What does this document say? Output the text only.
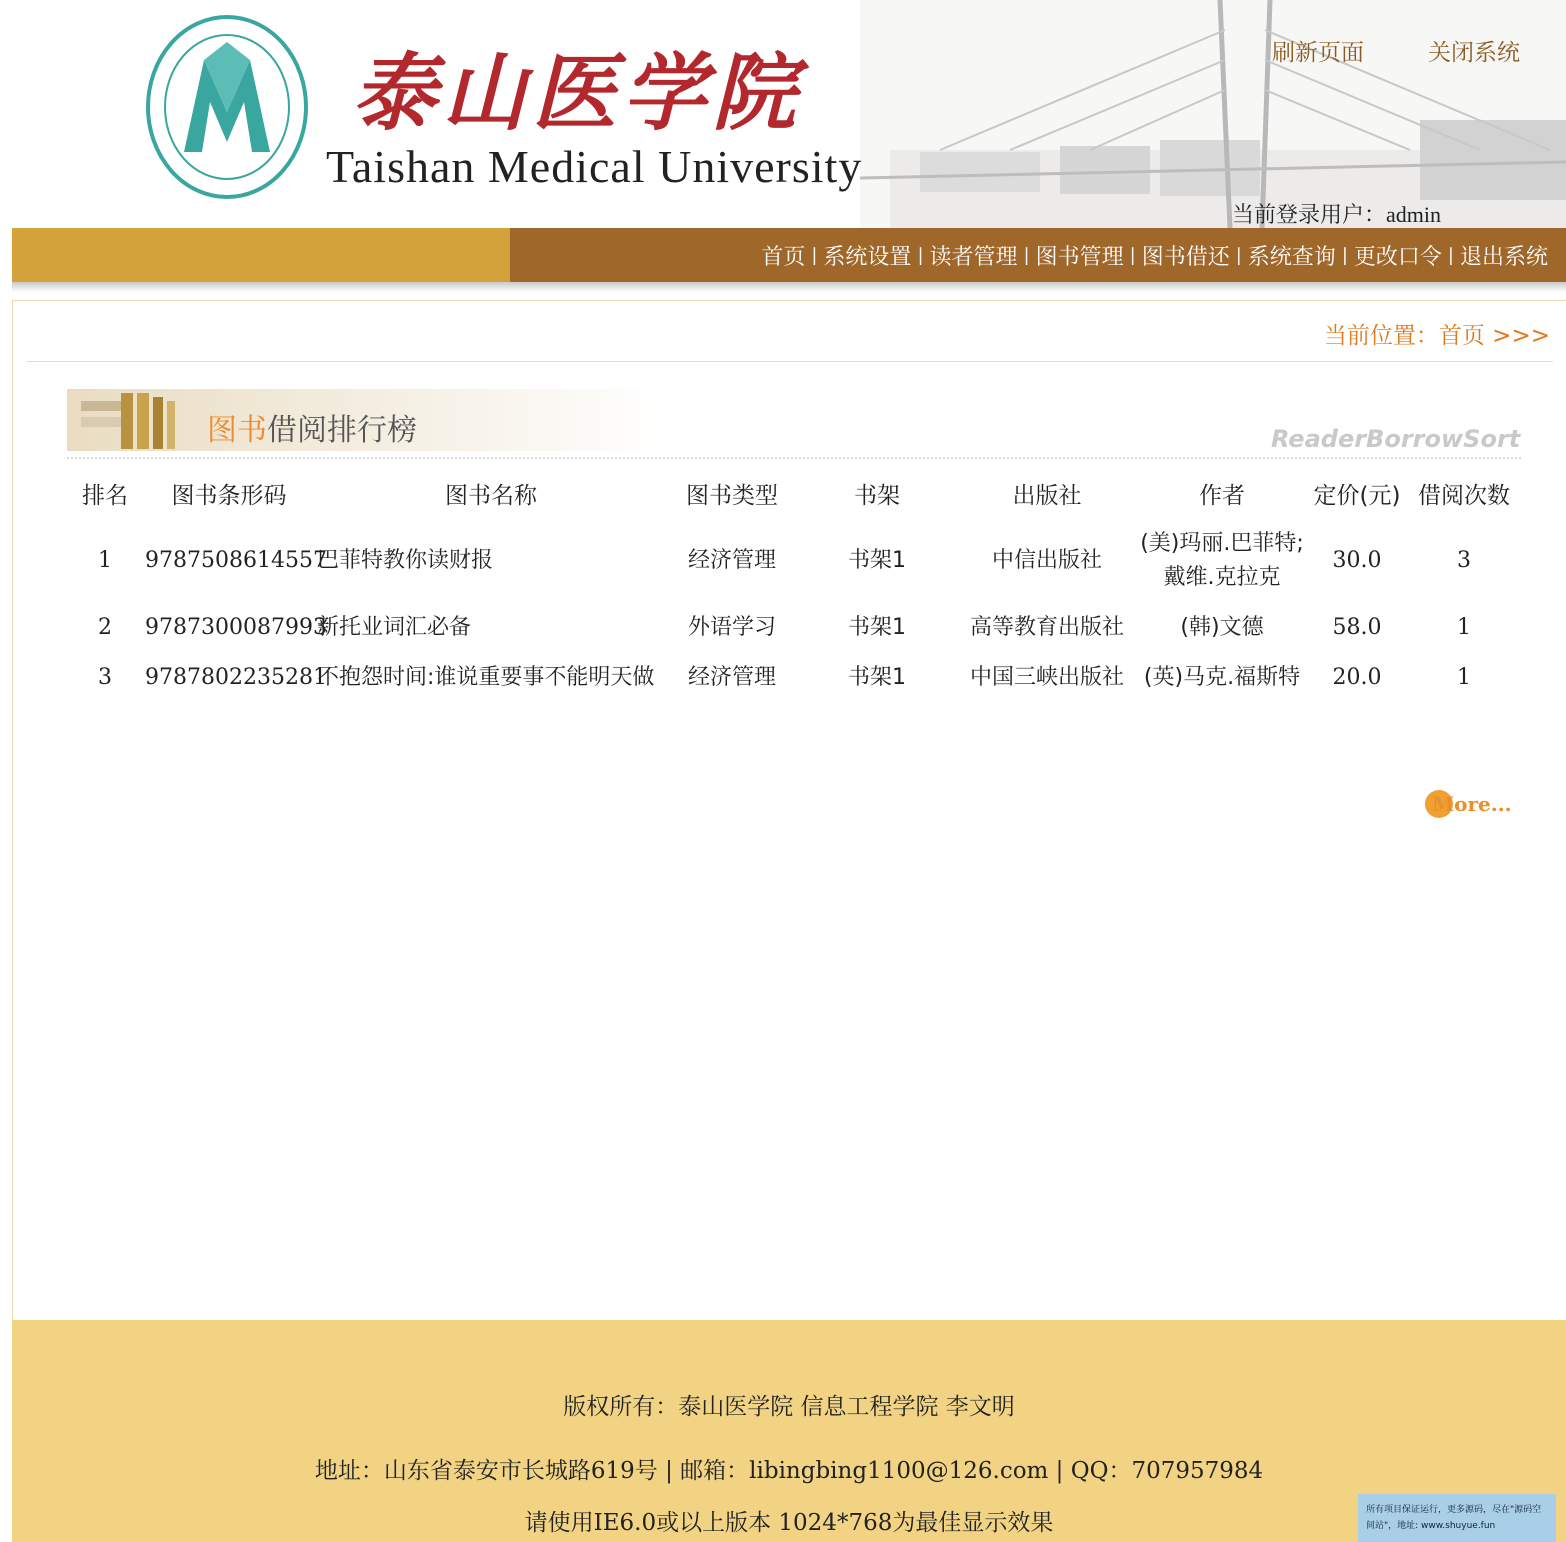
泰山医学院
Taishan Medical University
刷新页面	关闭系统
当前登录用户：admin
首页 | 系统设置 | 读者管理 | 图书管理 | 图书借还 | 系统查询 | 更改口令 | 退出系统
当前位置：首页 >>>
图书借阅排行榜	ReaderBorrowSort
排名	图书条形码	图书名称	图书类型	书架	出版社	作者	定价(元)	借阅次数
1	9787508614557	巴菲特教你读财报	经济管理	书架1	中信出版社	(美)玛丽.巴菲特;戴维.克拉克	30.0	3
2	9787300087993	新托业词汇必备	外语学习	书架1	高等教育出版社	(韩)文德	58.0	1
3	9787802235281	不抱怨时间:谁说重要事不能明天做	经济管理	书架1	中国三峡出版社	(英)马克.福斯特	20.0	1
More...
版权所有：泰山医学院 信息工程学院 李文明
地址：山东省泰安市长城路619号 | 邮箱：libingbing1100@126.com | QQ：707957984
请使用IE6.0或以上版本 1024*768为最佳显示效果	所有项目保证运行，更多源码，尽在"源码空间站"，地址: www.shuyue.fun
